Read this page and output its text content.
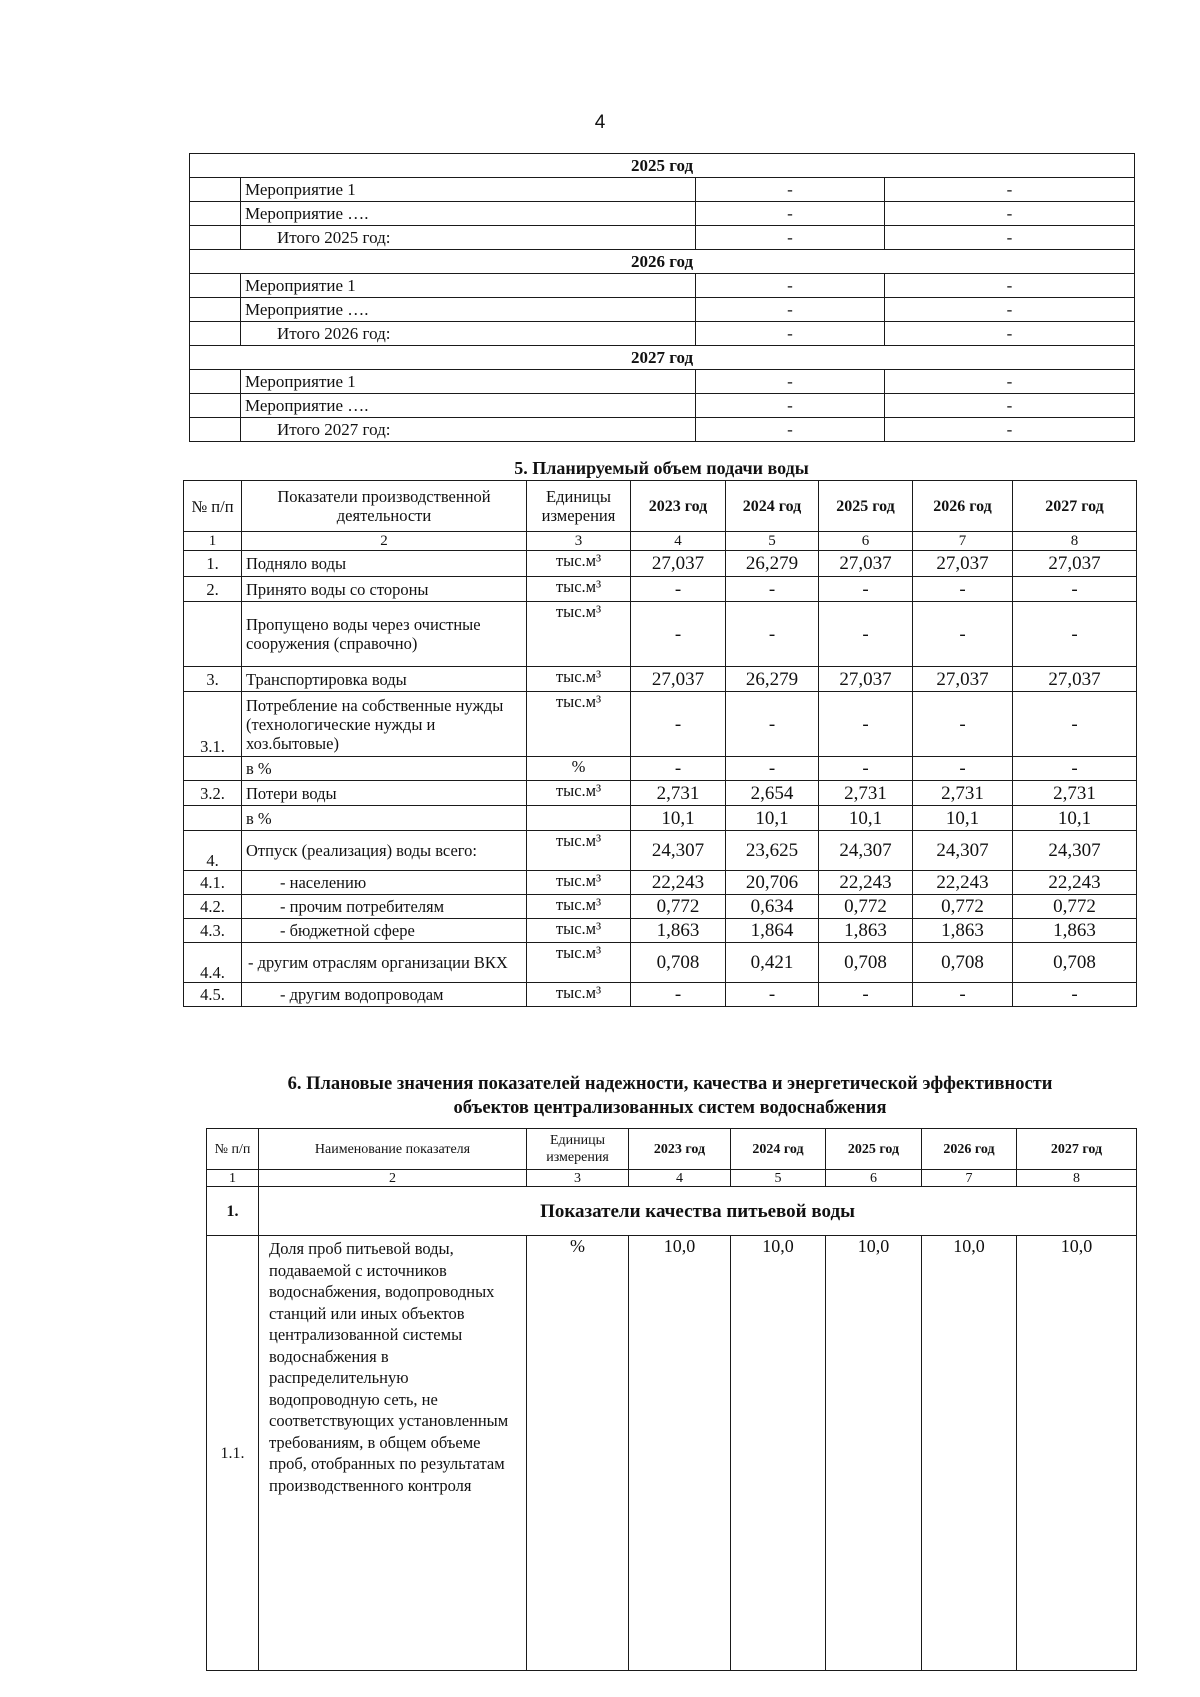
4
2025 год			
	Мероприятие 1	-	-
	Мероприятие ….	-	-
	Итого 2025 год:	-	-
2026 год			
	Мероприятие 1	-	-
	Мероприятие ….	-	-
	Итого 2026 год:	-	-
2027 год			
	Мероприятие 1	-	-
	Мероприятие ….	-	-
	Итого 2027 год:	-	-
5. Планируемый объем подачи воды
№ п/п	Показатели производственной деятельности	Единицы измерения	2023 год	2024 год	2025 год	2026 год	2027 год
1	2	3	4	5	6	7	8
1.	Подняло воды	тыс.м³	27,037	26,279	27,037	27,037	27,037
2.	Принято воды со стороны	тыс.м³	-	-	-	-	-
	Пропущено воды через очистные сооружения (справочно)	тыс.м³	-	-	-	-	-
3.	Транспортировка воды	тыс.м³	27,037	26,279	27,037	27,037	27,037
3.1.	Потребление на собственные нужды (технологические нужды и хоз.бытовые)	тыс.м³	-	-	-	-	-
	в %	%	-	-	-	-	-
3.2.	Потери воды	тыс.м³	2,731	2,654	2,731	2,731	2,731
	в %		10,1	10,1	10,1	10,1	10,1
4.	Отпуск (реализация) воды всего:	тыс.м³	24,307	23,625	24,307	24,307	24,307
4.1.	- населению	тыс.м³	22,243	20,706	22,243	22,243	22,243
4.2.	- прочим потребителям	тыс.м³	0,772	0,634	0,772	0,772	0,772
4.3.	- бюджетной сфере	тыс.м³	1,863	1,864	1,863	1,863	1,863
4.4.	- другим отраслям организации ВКХ	тыс.м³	0,708	0,421	0,708	0,708	0,708
4.5.	- другим водопроводам	тыс.м³	-	-	-	-	-
6. Плановые значения показателей надежности, качества и энергетической эффективности
объектов централизованных систем водоснабжения
№ п/п	Наименование показателя	Единицы измерения	2023 год	2024 год	2025 год	2026 год	2027 год
1	2	3	4	5	6	7	8
1.	Показатели качества питьевой воды						
1.1.	Доля проб питьевой воды, подаваемой с источников водоснабжения, водопроводных станций или иных объектов централизованной системы водоснабжения в распределительную водопроводную сеть, не соответствующих установленным требованиям, в общем объеме проб, отобранных по результатам производственного контроля	%	10,0	10,0	10,0	10,0	10,0
